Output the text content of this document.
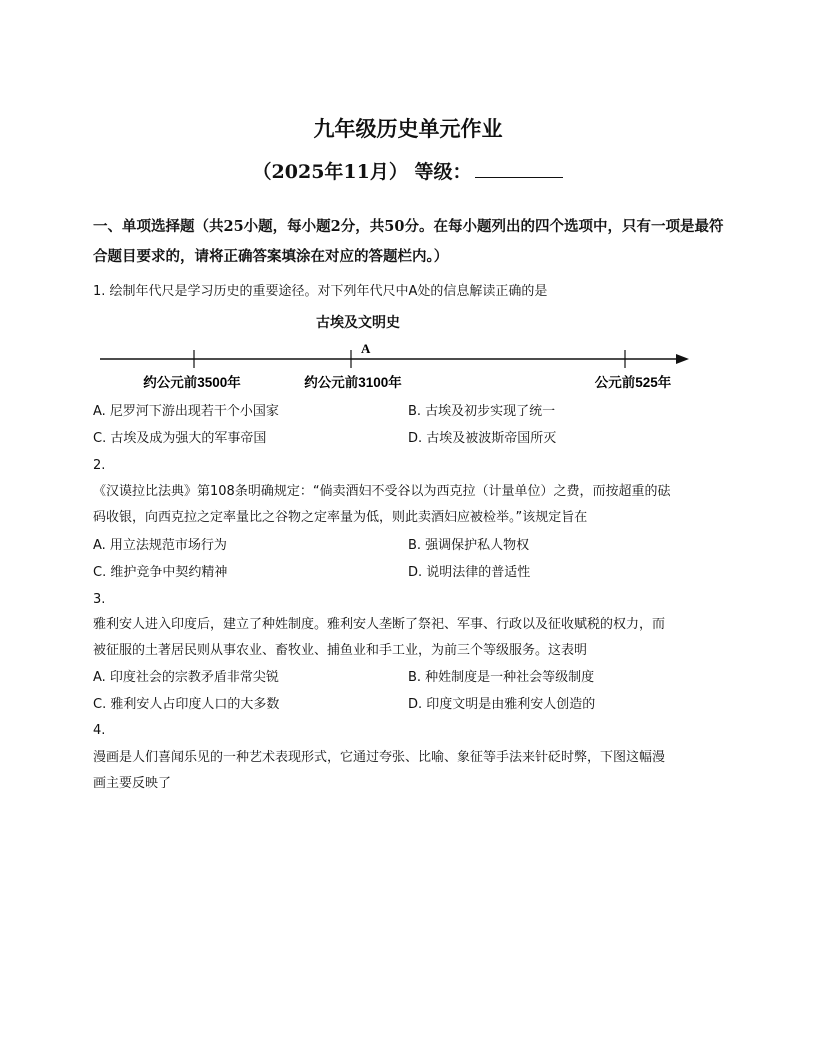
九年级历史单元作业
（2025年11月） 等级：
一、单项选择题（共25小题，每小题2分，共50分。在每小题列出的四个选项中，只有一项是最符合题目要求的，请将正确答案填涂在对应的答题栏内。）
1. 绘制年代尺是学习历史的重要途径。对下列年代尺中A处的信息解读正确的是
古埃及文明史
A
约公元前3500年	约公元前3100年	公元前525年
A. 尼罗河下游出现若干个小国家	B. 古埃及初步实现了统一
C. 古埃及成为强大的军事帝国	D. 古埃及被波斯帝国所灭
2.
《汉谟拉比法典》第108条明确规定：“倘卖酒妇不受谷以为西克拉（计量单位）之费，而按超重的砝
码收银，向西克拉之定率量比之谷物之定率量为低，则此卖酒妇应被检举。”该规定旨在
A. 用立法规范市场行为	B. 强调保护私人物权
C. 维护竞争中契约精神	D. 说明法律的普适性
3.
雅利安人进入印度后，建立了种姓制度。雅利安人垄断了祭祀、军事、行政以及征收赋税的权力，而
被征服的土著居民则从事农业、畜牧业、捕鱼业和手工业，为前三个等级服务。这表明
A. 印度社会的宗教矛盾非常尖锐	B. 种姓制度是一种社会等级制度
C. 雅利安人占印度人口的大多数	D. 印度文明是由雅利安人创造的
4.
漫画是人们喜闻乐见的一种艺术表现形式，它通过夸张、比喻、象征等手法来针砭时弊，下图这幅漫
画主要反映了
